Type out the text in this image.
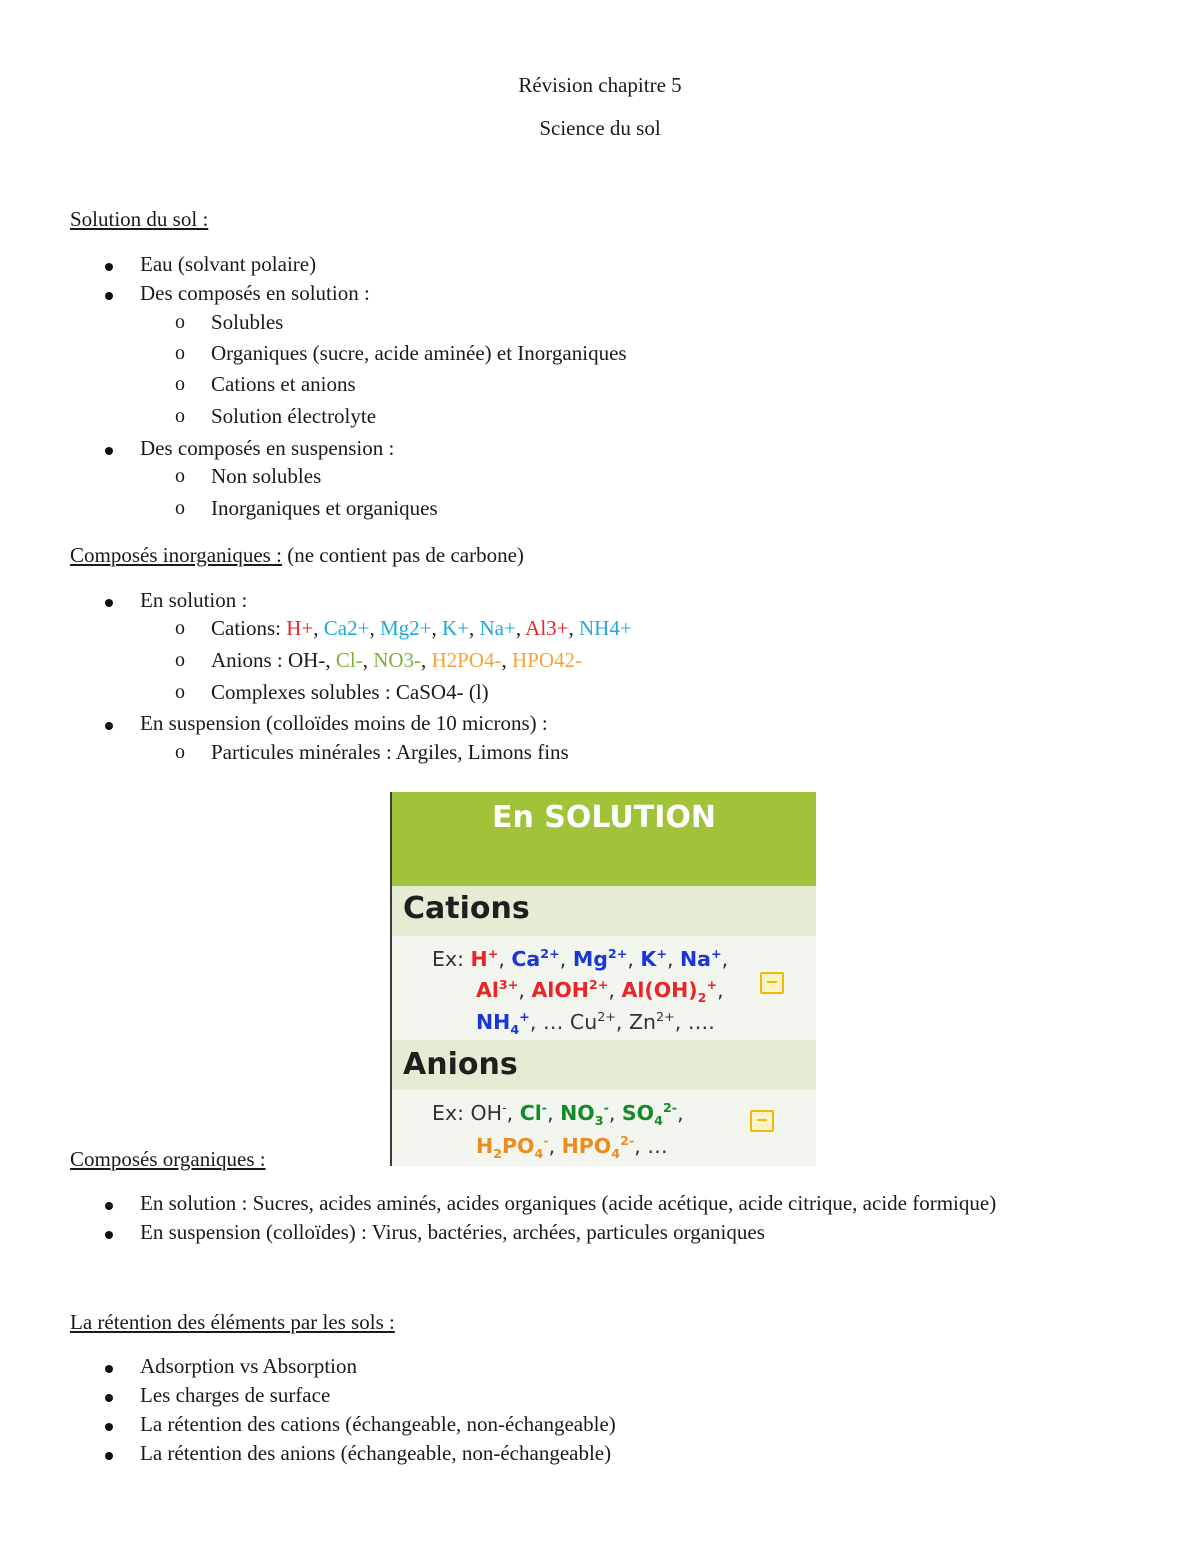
Révision chapitre 5
Science du sol
Solution du sol :
Eau (solvant polaire)
Des composés en solution :
o Solubles
o Organiques (sucre, acide aminée) et Inorganiques
o Cations et anions
o Solution électrolyte
Des composés en suspension :
o Non solubles
o Inorganiques et organiques
Composés inorganiques : (ne contient pas de carbone)
En solution :
o Cations: H+, Ca2+, Mg2+, K+, Na+, Al3+, NH4+
o Anions : OH-, Cl-, NO3-, H2PO4-, HPO42-
o Complexes solubles : CaSO4- (l)
En suspension (colloïdes moins de 10 microns) :
o Particules minérales : Argiles, Limons fins
En SOLUTION
Cations
Ex: H+, $Ca^{2+}$, $Mg^{2+}$, K+, Na+,
$Al^{3+}$, AlOH$^{2+}$, $Al(OH)_2^+$,
$NH_4^+$, … $Cu^{2+}$, $Zn^{2+}$, ….
Anions
Ex: OH-, Cl-, $NO_3^-$, $SO_4^{2-}$,
$H_2PO_4^-$, $HPO_4^{2-}$, …
Composés organiques :
En solution : Sucres, acides aminés, acides organiques (acide acétique, acide citrique, acide formique)
En suspension (colloïdes) : Virus, bactéries, archées, particules organiques
La rétention des éléments par les sols :
Adsorption vs Absorption
Les charges de surface
La rétention des cations (échangeable, non-échangeable)
La rétention des anions (échangeable, non-échangeable)
